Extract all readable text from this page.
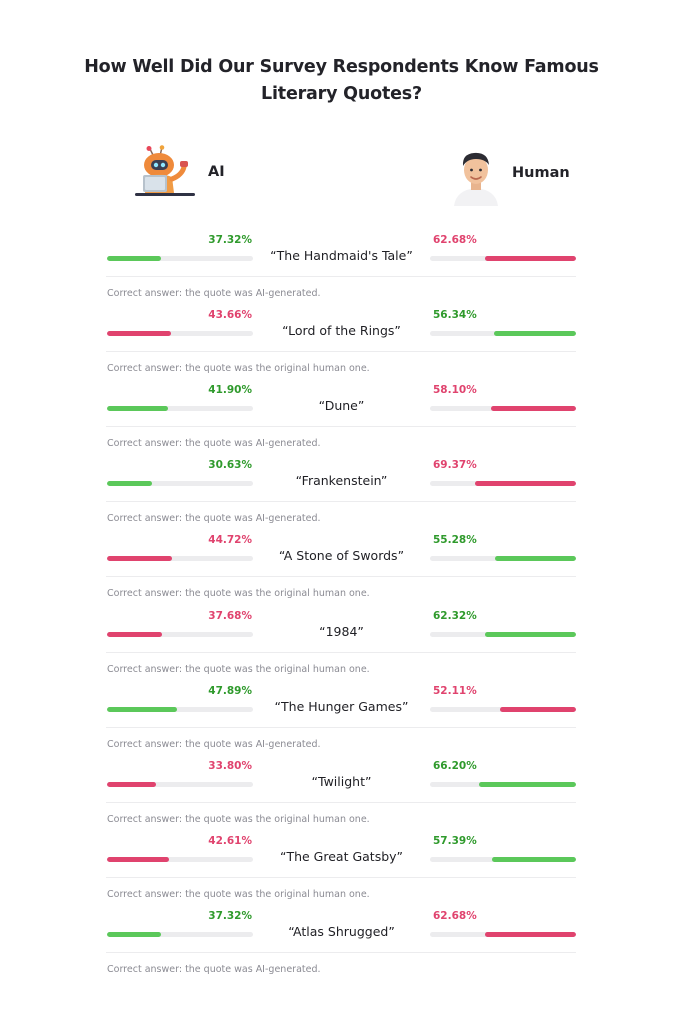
How Well Did Our Survey Respondents Know Famous Literary Quotes?
AI	Human
37.32%	62.68%
“The Handmaid's Tale”
Correct answer: the quote was AI-generated.
43.66%	56.34%
“Lord of the Rings”
Correct answer: the quote was the original human one.
41.90%	58.10%
“Dune”
Correct answer: the quote was AI-generated.
30.63%	69.37%
“Frankenstein”
Correct answer: the quote was AI-generated.
44.72%	55.28%
“A Stone of Swords”
Correct answer: the quote was the original human one.
37.68%	62.32%
“1984”
Correct answer: the quote was the original human one.
47.89%	52.11%
“The Hunger Games”
Correct answer: the quote was AI-generated.
33.80%	66.20%
“Twilight”
Correct answer: the quote was the original human one.
42.61%	57.39%
“The Great Gatsby”
Correct answer: the quote was the original human one.
37.32%	62.68%
“Atlas Shrugged”
Correct answer: the quote was AI-generated.
